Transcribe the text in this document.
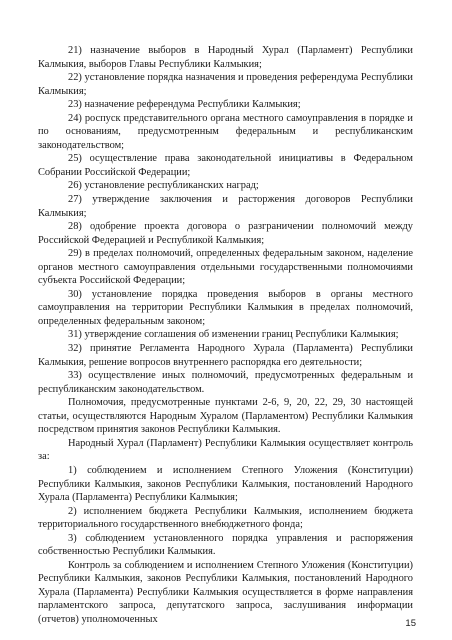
21) назначение выборов в Народный Хурал (Парламент) Республики Калмыкия, выборов Главы Республики Калмыкия;

22) установление порядка назначения и проведения референдума Республики Калмыкия;

23) назначение референдума Республики Калмыкия;

24) роспуск представительного органа местного самоуправления в порядке и по основаниям, предусмотренным федеральным и республиканским законодательством;

25) осуществление права законодательной инициативы в Федеральном Собрании Российской Федерации;

26) установление республиканских наград;

27) утверждение заключения и расторжения договоров Республики Калмыкия;

28) одобрение проекта договора о разграничении полномочий между Российской Федерацией и Республикой Калмыкия;

29) в пределах полномочий, определенных федеральным законом, наделение органов местного самоуправления отдельными государственными полномочиями субъекта Российской Федерации;

30) установление порядка проведения выборов в органы местного самоуправления на территории Республики Калмыкия в пределах полномочий, определенных федеральным законом;

31) утверждение соглашения об изменении границ Республики Калмыкия;

32) принятие Регламента Народного Хурала (Парламента) Республики Калмыкия, решение вопросов внутреннего распорядка его деятельности;

33) осуществление иных полномочий, предусмотренных федеральным и республиканским законодательством.

Полномочия, предусмотренные пунктами 2-6, 9, 20, 22, 29, 30 настоящей статьи, осуществляются Народным Хуралом (Парламентом) Республики Калмыкия посредством принятия законов Республики Калмыкия.

Народный Хурал (Парламент) Республики Калмыкия осуществляет контроль за:

1) соблюдением и исполнением Степного Уложения (Конституции) Республики Калмыкия, законов Республики Калмыкия, постановлений Народного Хурала (Парламента) Республики Калмыкия;

2) исполнением бюджета Республики Калмыкия, исполнением бюджета территориального государственного внебюджетного фонда;

3) соблюдением установленного порядка управления и распоряжения собственностью Республики Калмыкия.

Контроль за соблюдением и исполнением Степного Уложения (Конституции) Республики Калмыкия, законов Республики Калмыкия, постановлений Народного Хурала (Парламента) Республики Калмыкия осуществляется в форме направления парламентского запроса, депутатского запроса, заслушивания информации (отчетов) уполномоченных	15
